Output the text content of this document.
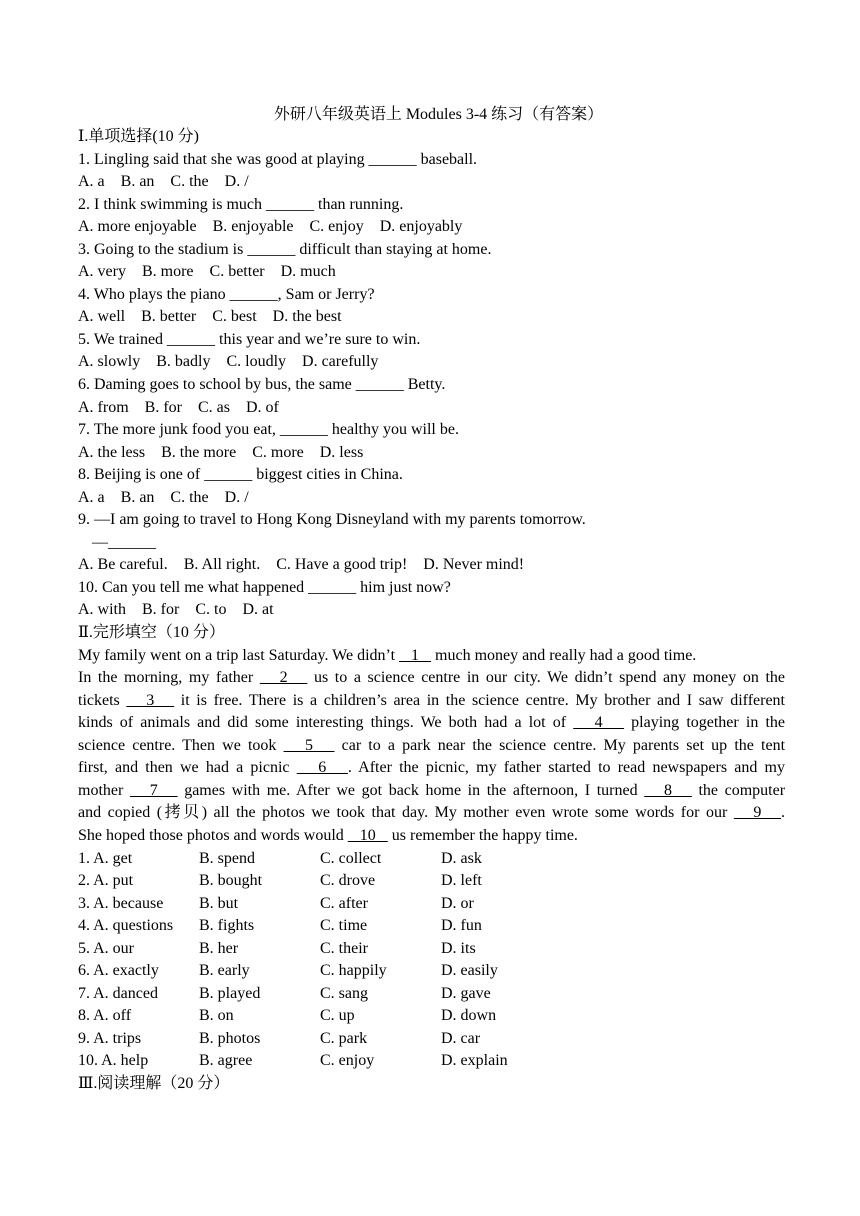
外研八年级英语上 Modules 3-4 练习（有答案）
Ⅰ.单项选择(10 分)
1. Lingling said that she was good at playing ______ baseball.
A. a    B. an    C. the    D. /
2. I think swimming is much ______ than running.
A. more enjoyable    B. enjoyable    C. enjoy    D. enjoyably
3. Going to the stadium is ______ difficult than staying at home.
A. very    B. more    C. better    D. much
4. Who plays the piano ______, Sam or Jerry?
A. well    B. better    C. best    D. the best
5. We trained ______ this year and we’re sure to win.
A. slowly    B. badly    C. loudly    D. carefully
6. Daming goes to school by bus, the same ______ Betty.
A. from    B. for    C. as    D. of
7. The more junk food you eat, ______ healthy you will be.
A. the less    B. the more    C. more    D. less
8. Beijing is one of ______ biggest cities in China.
A. a    B. an    C. the    D. /
9. —I am going to travel to Hong Kong Disneyland with my parents tomorrow.
—______
A. Be careful.    B. All right.    C. Have a good trip!    D. Never mind!
10. Can you tell me what happened ______ him just now?
A. with    B. for    C. to    D. at
Ⅱ.完形填空（10 分）
My family went on a trip last Saturday. We didn’t    1    much money and really had a good time.
In the morning, my father    2    us to a science centre in our city. We didn’t spend any money on the
tickets    3    it is free. There is a children’s area in the science centre. My brother and I saw different
kinds of animals and did some interesting things. We both had a lot of    4    playing together in the
science centre. Then we took    5    car to a park near the science centre. My parents set up the tent
first, and then we had a picnic    6   . After the picnic, my father started to read newspapers and my
mother    7    games with me. After we got back home in the afternoon, I turned    8    the computer
and copied (拷贝) all the photos we took that day. My mother even wrote some words for our    9   .
She hoped those photos and words would    10    us remember the happy time.
1. A. get	B. spend	C. collect	D. ask
2. A. put	B. bought	C. drove	D. left
3. A. because	B. but	C. after	D. or
4. A. questions	B. fights	C. time	D. fun
5. A. our	B. her	C. their	D. its
6. A. exactly	B. early	C. happily	D. easily
7. A. danced	B. played	C. sang	D. gave
8. A. off	B. on	C. up	D. down
9. A. trips	B. photos	C. park	D. car
10. A. help	B. agree	C. enjoy	D. explain
Ⅲ.阅读理解（20 分）
